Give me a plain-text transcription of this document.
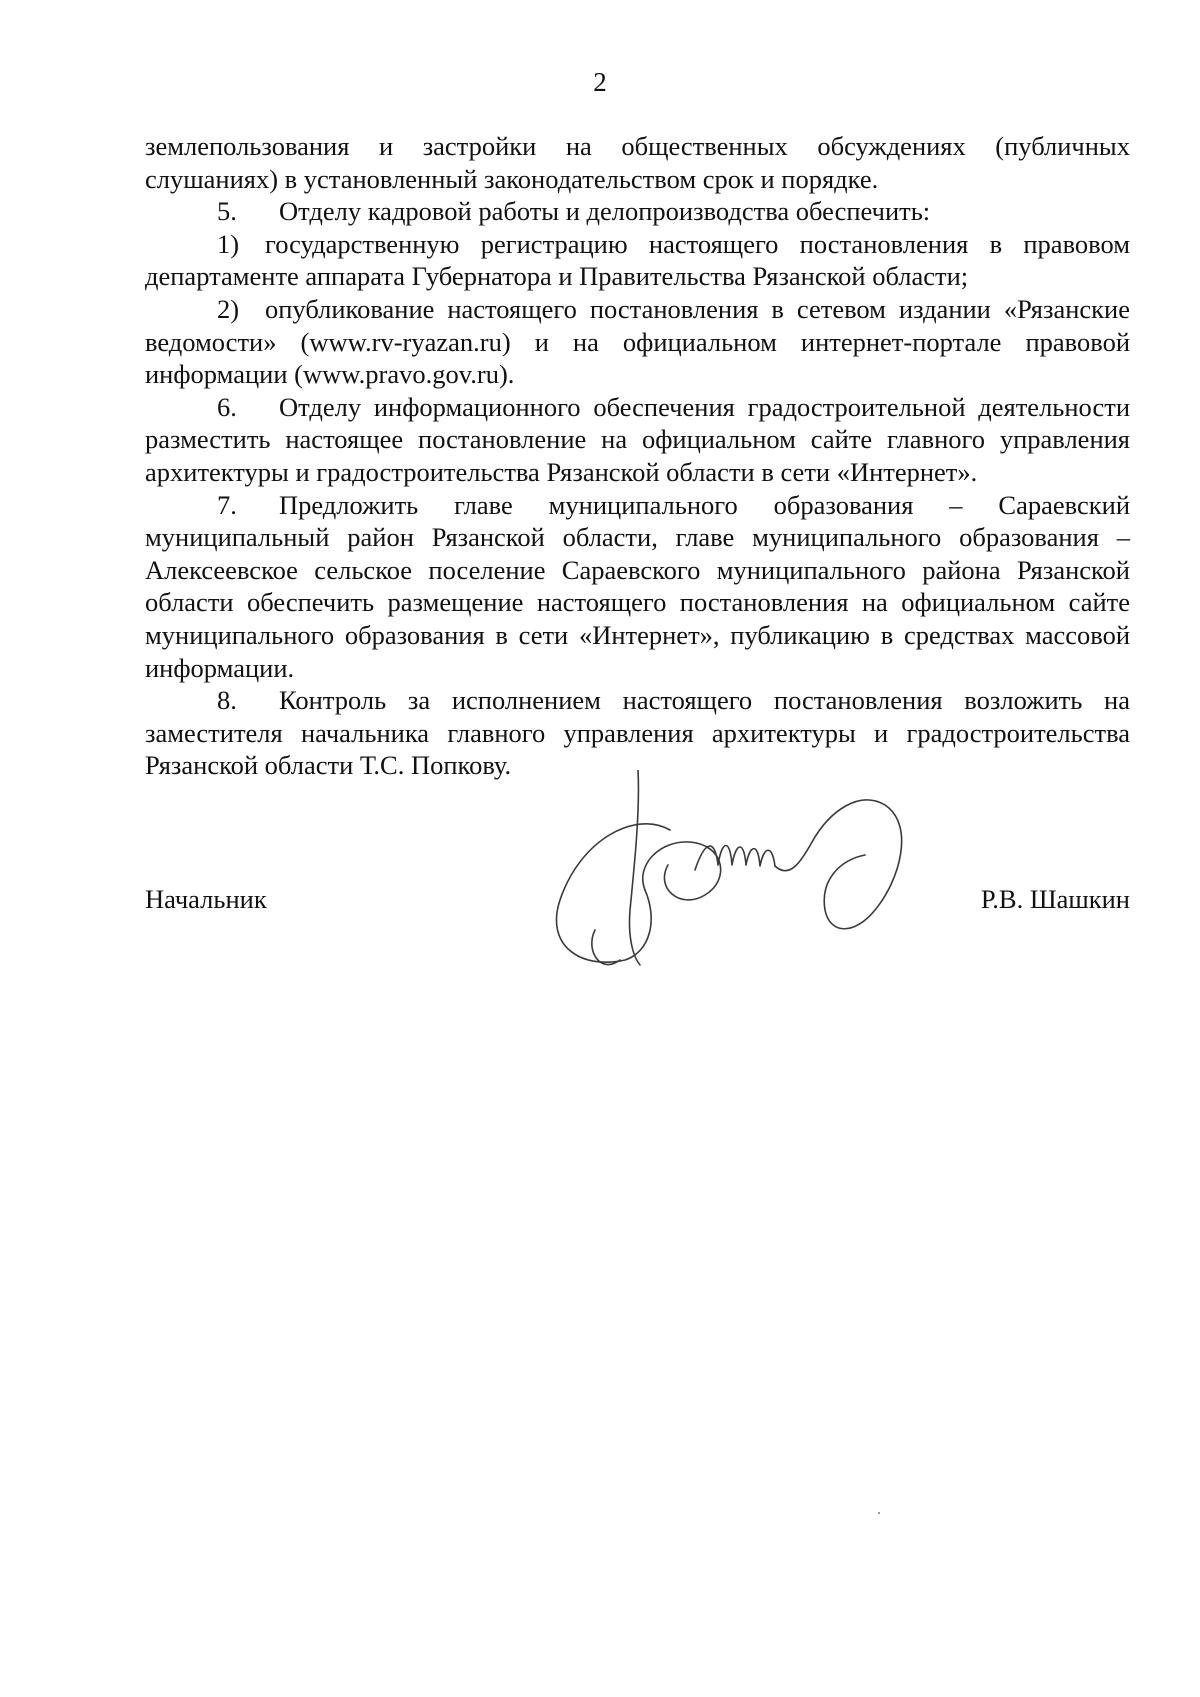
2

землепользования и застройки на общественных обсуждениях (публичных слушаниях) в установленный законодательством срок и порядке.

5. Отделу кадровой работы и делопроизводства обеспечить:

1) государственную регистрацию настоящего постановления в правовом департаменте аппарата Губернатора и Правительства Рязанской области;

2) опубликование настоящего постановления в сетевом издании «Рязанские ведомости» (www.rv-ryazan.ru) и на официальном интернет-портале правовой информации (www.pravo.gov.ru).

6. Отделу информационного обеспечения градостроительной деятельности разместить настоящее постановление на официальном сайте главного управления архитектуры и градостроительства Рязанской области в сети «Интернет».

7. Предложить главе муниципального образования – Сараевский муниципальный район Рязанской области, главе муниципального образования – Алексеевское сельское поселение Сараевского муниципального района Рязанской области обеспечить размещение настоящего постановления на официальном сайте муниципального образования в сети «Интернет», публикацию в средствах массовой информации.

8. Контроль за исполнением настоящего постановления возложить на заместителя начальника главного управления архитектуры и градостроительства Рязанской области Т.С. Попкову.

Начальник	Р.В. Шашкин
